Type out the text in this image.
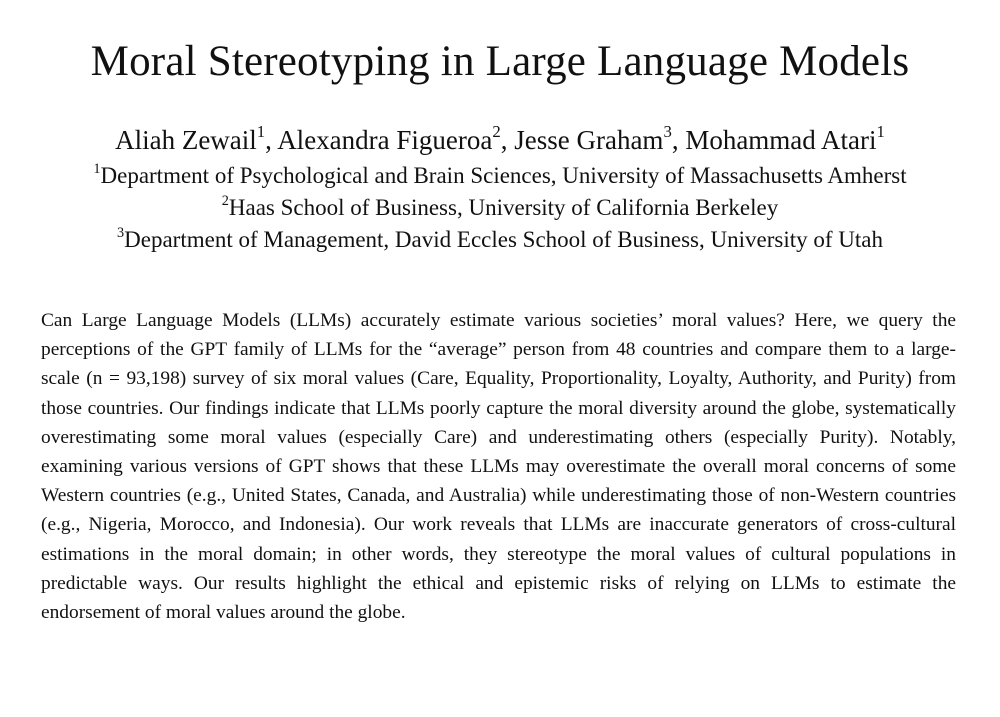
Moral Stereotyping in Large Language Models

Aliah Zewail$^1$, Alexandra Figueroa$^2$, Jesse Graham$^3$, Mohammad Atari$^1$

$^1$Department of Psychological and Brain Sciences, University of Massachusetts Amherst
$^2$Haas School of Business, University of California Berkeley
$^3$Department of Management, David Eccles School of Business, University of Utah

Can Large Language Models (LLMs) accurately estimate various societies’ moral values? Here, we query the perceptions of the GPT family of LLMs for the “average” person from 48 countries and compare them to a large-scale (n = 93,198) survey of six moral values (Care, Equality, Proportionality, Loyalty, Authority, and Purity) from those countries. Our findings indicate that LLMs poorly capture the moral diversity around the globe, systematically overestimating some moral values (especially Care) and underestimating others (especially Purity). Notably, examining various versions of GPT shows that these LLMs may overestimate the overall moral concerns of some Western countries (e.g., United States, Canada, and Australia) while underestimating those of non-Western countries (e.g., Nigeria, Morocco, and Indonesia). Our work reveals that LLMs are inaccurate generators of cross-cultural estimations in the moral domain; in other words, they stereotype the moral values of cultural populations in predictable ways. Our results highlight the ethical and epistemic risks of relying on LLMs to estimate the endorsement of moral values around the globe.
